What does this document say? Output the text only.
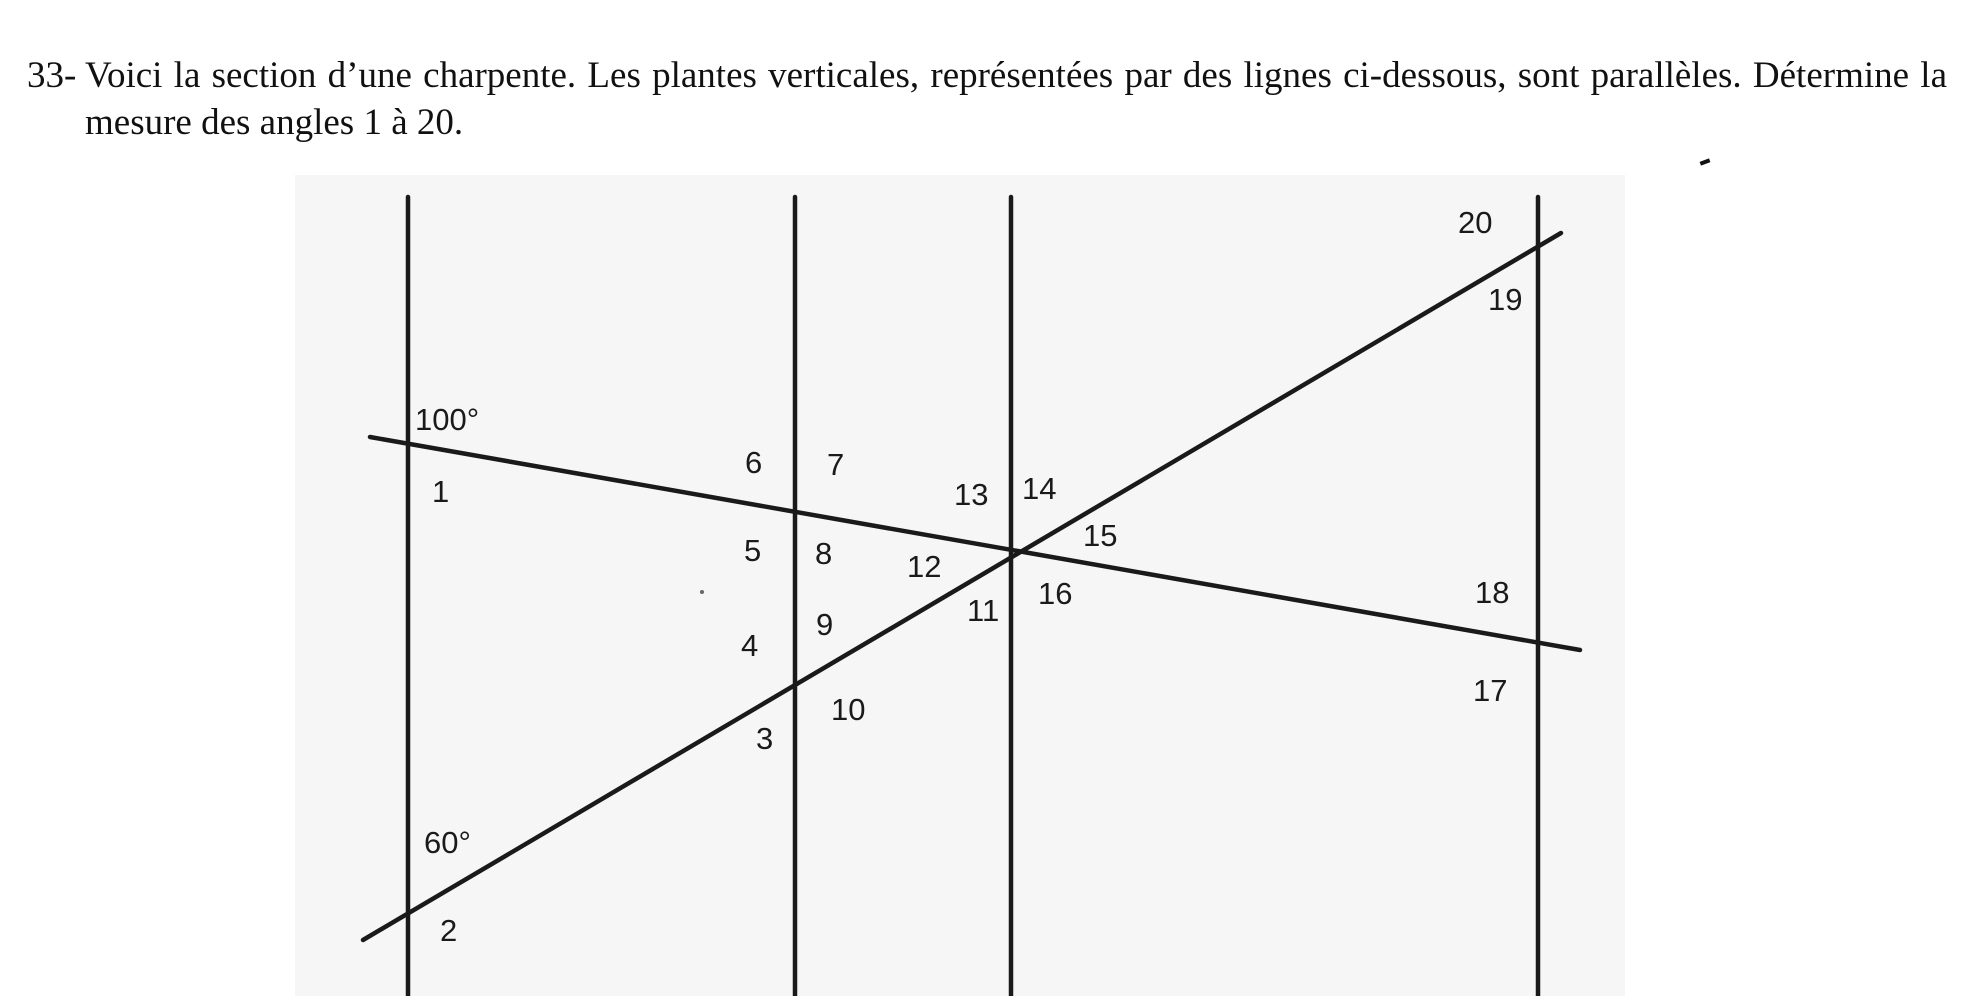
33- Voici la section d’une charpente. Les plantes verticales, représentées par des lignes ci-dessous, sont parallèles. Détermine la mesure des angles 1 à 20.
100°
60°
1
2
3
4
5
6 7
8
9
10
11
12
13 14
15
16
17
18
19
20
